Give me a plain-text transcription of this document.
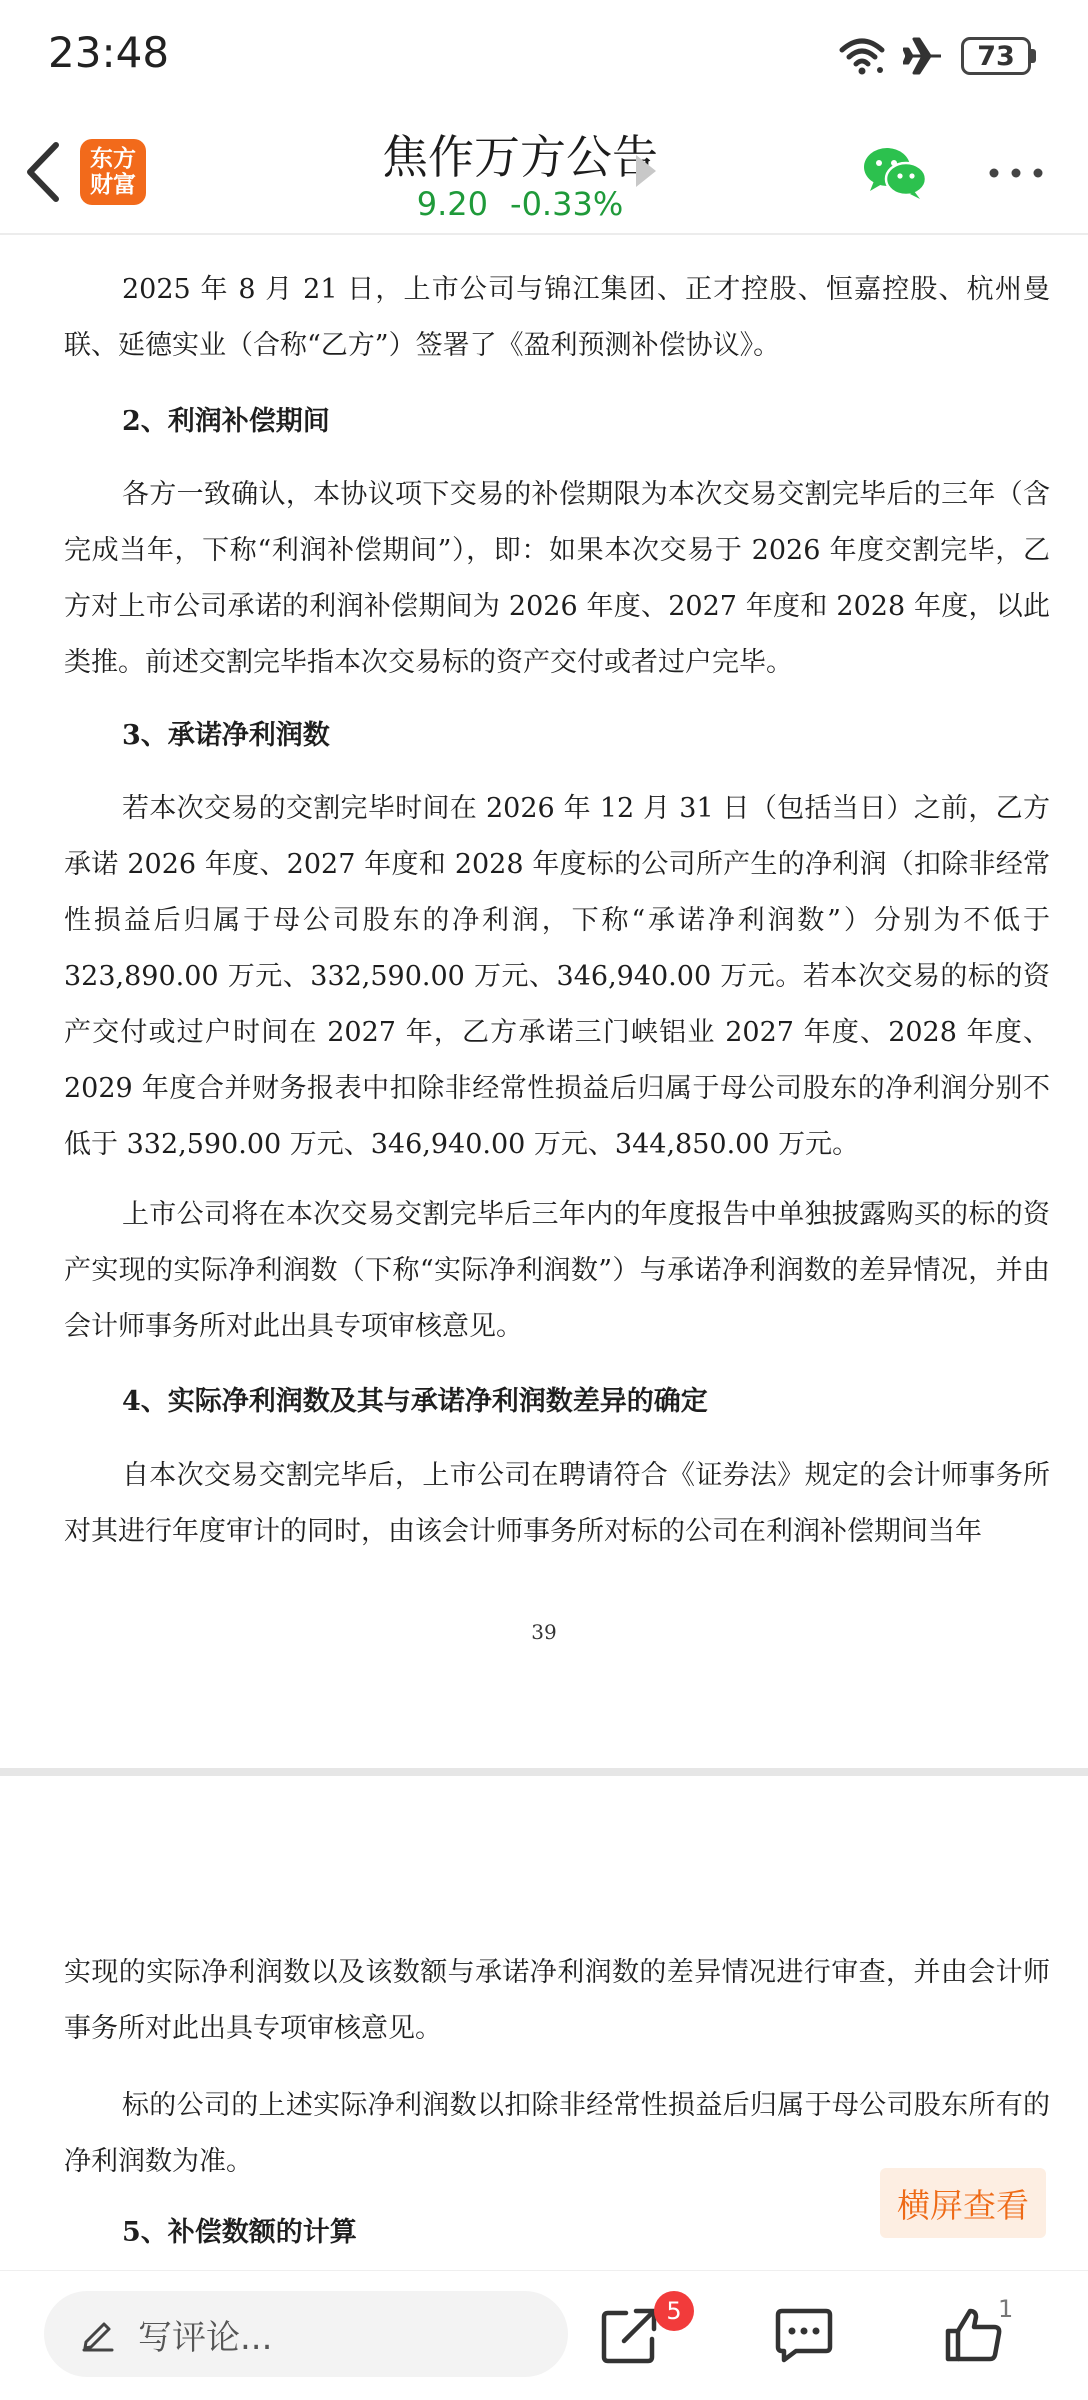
23:48	73
东方
财富
焦作万方公告
9.20 -0.33%
2025 年 8 月 21 日，上市公司与锦江集团、正才控股、恒嘉控股、杭州曼联、延德实业（合称“乙方”）签署了《盈利预测补偿协议》。
2、利润补偿期间
各方一致确认，本协议项下交易的补偿期限为本次交易交割完毕后的三年（含完成当年，下称“利润补偿期间”），即：如果本次交易于 2026 年度交割完毕，乙方对上市公司承诺的利润补偿期间为 2026 年度、2027 年度和 2028 年度，以此类推。前述交割完毕指本次交易标的资产交付或者过户完毕。
3、承诺净利润数
若本次交易的交割完毕时间在 2026 年 12 月 31 日（包括当日）之前，乙方承诺 2026 年度、2027 年度和 2028 年度标的公司所产生的净利润（扣除非经常性损益后归属于母公司股东的净利润，下称“承诺净利润数”）分别为不低于 323,890.00 万元、332,590.00 万元、346,940.00 万元。若本次交易的标的资产交付或过户时间在 2027 年，乙方承诺三门峡铝业 2027 年度、2028 年度、2029 年度合并财务报表中扣除非经常性损益后归属于母公司股东的净利润分别不低于 332,590.00 万元、346,940.00 万元、344,850.00 万元。
上市公司将在本次交易交割完毕后三年内的年度报告中单独披露购买的标的资产实现的实际净利润数（下称“实际净利润数”）与承诺净利润数的差异情况，并由会计师事务所对此出具专项审核意见。
4、实际净利润数及其与承诺净利润数差异的确定
自本次交易交割完毕后，上市公司在聘请符合《证券法》规定的会计师事务所对其进行年度审计的同时，由该会计师事务所对标的公司在利润补偿期间当年
39
实现的实际净利润数以及该数额与承诺净利润数的差异情况进行审查，并由会计师事务所对此出具专项审核意见。
标的公司的上述实际净利润数以扣除非经常性损益后归属于母公司股东所有的净利润数为准。
5、补偿数额的计算
横屏查看
写评论...
5	1
